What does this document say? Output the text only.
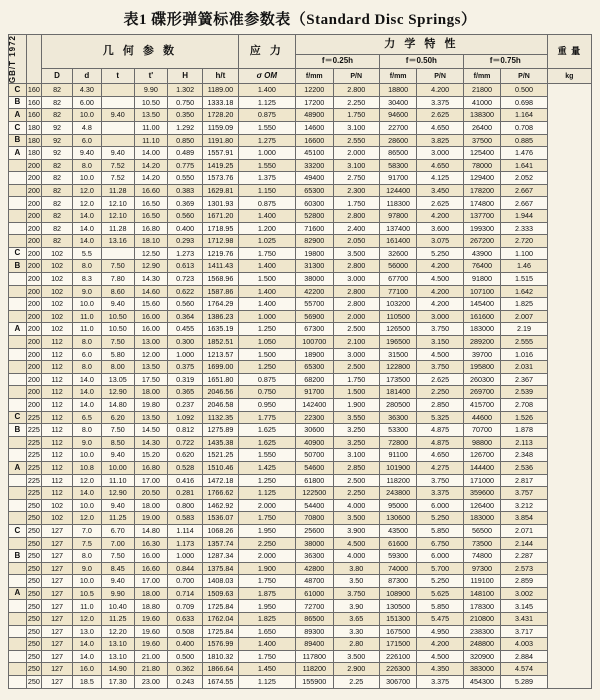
表1 碟形弹簧标准参数表（Standard Disc Springs）
GB/T 1972		几 何 参 数						应 力	力 学 特 性						重 量
									f＝0.25h		f＝0.50h		f＝0.75h		
		D	d	t	t'	H	h/t	σ OM	f/mm	P/N	f/mm	P/N	f/mm	P/N	kg
C	160	82	4.30		9.90	1.302	1189.00	1.400	12200	2.800	18800	4.200	21800	0.500	
B	160	82	6.00		10.50	0.750	1333.18	1.125	17200	2.250	30400	3.375	41000	0.698	
A	160	82	10.0	9.40	13.50	0.350	1728.20	0.875	48900	1.750	94600	2.625	138300	1.164	
C	180	92	4.8		11.00	1.292	1159.09	1.550	14600	3.100	22700	4.650	26400	0.708	
B	180	92	6.0		11.10	0.850	1191.80	1.275	16600	2.550	28600	3.825	37500	0.885	
A	180	92	9.40	9.40	14.00	0.489	1557.91	1.000	45100	2.000	86500	3.000	125400	1.476	
	200	82	8.0	7.52	14.20	0.775	1419.25	1.550	33200	3.100	58300	4.650	78000	1.641	
	200	82	10.0	7.52	14.20	0.550	1573.76	1.375	49400	2.750	91700	4.125	129400	2.052	
	200	82	12.0	11.28	16.60	0.383	1629.81	1.150	65300	2.300	124400	3.450	178200	2.667	
	200	82	12.0	12.10	16.50	0.369	1301.93	0.875	60300	1.750	118300	2.625	174800	2.667	
	200	82	14.0	12.10	16.50	0.560	1671.20	1.400	52800	2.800	97800	4.200	137700	1.944	
	200	82	14.0	11.28	16.80	0.400	1718.95	1.200	71600	2.400	137400	3.600	199300	2.333	
	200	82	14.0	13.16	18.10	0.293	1712.98	1.025	82900	2.050	161400	3.075	267200	2.720	
C	200	102	5.5		12.50	1.273	1219.76	1.750	19800	3.500	32600	5.250	43900	1.100	
B	200	102	8.0	7.50	12.90	0.613	1411.43	1.400	31300	2.800	56000	4.200	76400	1.46	
	200	102	8.3	7.80	14.30	0.723	1568.96	1.500	38000	3.000	67700	4.500	91800	1.515	
	200	102	9.0	8.60	14.60	0.622	1587.86	1.400	42200	2.800	77100	4.200	107100	1.642	
	200	102	10.0	9.40	15.60	0.560	1764.29	1.400	55700	2.800	103200	4.200	145400	1.825	
	200	102	11.0	10.50	16.00	0.364	1386.23	1.000	56900	2.000	110500	3.000	161600	2.007	
A	200	102	11.0	10.50	16.00	0.455	1635.19	1.250	67300	2.500	126500	3.750	183000	2.19	
	200	112	8.0	7.50	13.00	0.300	1852.51	1.050	100700	2.100	196500	3.150	289200	2.555	
	200	112	6.0	5.80	12.00	1.000	1213.57	1.500	18900	3.000	31500	4.500	39700	1.016	
	200	112	8.0	8.00	13.50	0.375	1699.00	1.250	65300	2.500	122800	3.750	195800	2.031	
	200	112	14.0	13.05	17.50	0.319	1651.80	0.875	68200	1.750	173500	2.625	260300	2.367	
	200	112	14.0	12.90	18.00	0.365	2046.56	0.750	91700	1.500	181400	2.250	269700	2.539	
	200	112	14.0	14.80	19.80	0.237	2046.58	0.950	142400	1.900	280500	2.850	415700	2.708	
C	225	112	6.5	6.20	13.50	1.092	1132.35	1.775	22300	3.550	36300	5.325	44600	1.526	
B	225	112	8.0	7.50	14.50	0.812	1275.89	1.625	30600	3.250	53300	4.875	70700	1.878	
	225	112	9.0	8.50	14.30	0.722	1435.38	1.625	40900	3.250	72800	4.875	98800	2.113	
	225	112	10.0	9.40	15.20	0.620	1521.25	1.550	50700	3.100	91100	4.650	126700	2.348	
A	225	112	10.8	10.00	16.80	0.528	1510.46	1.425	54600	2.850	101900	4.275	144400	2.536	
	225	112	12.0	11.10	17.00	0.416	1472.18	1.250	61800	2.500	118200	3.750	171000	2.817	
	225	112	14.0	12.90	20.50	0.281	1766.62	1.125	122500	2.250	243800	3.375	359600	3.757	
	250	102	10.0	9.40	18.00	0.800	1462.92	2.000	54400	4.000	95000	6.000	126400	3.212	
	250	102	12.0	11.25	19.00	0.583	1536.07	1.750	70800	3.500	130600	5.250	183000	3.854	
C	250	127	7.0	6.70	14.80	1.114	1068.26	1.950	25600	3.900	43500	5.850	56500	2.071	
	250	127	7.5	7.00	16.30	1.173	1357.74	2.250	38000	4.500	61600	6.750	73500	2.144	
B	250	127	8.0	7.50	16.00	1.000	1287.34	2.000	36300	4.000	59300	6.000	74800	2.287	
	250	127	9.0	8.45	16.60	0.844	1375.84	1.900	42800	3.80	74000	5.700	97300	2.573	
	250	127	10.0	9.40	17.00	0.700	1408.03	1.750	48700	3.50	87300	5.250	119100	2.859	
A	250	127	10.5	9.90	18.00	0.714	1509.63	1.875	61000	3.750	108900	5.625	148100	3.002	
	250	127	11.0	10.40	18.80	0.709	1725.84	1.950	72700	3.90	130500	5.850	178300	3.145	
	250	127	12.0	11.25	19.60	0.633	1762.04	1.825	86500	3.65	151300	5.475	210800	3.431	
	250	127	13.0	12.20	19.60	0.508	1725.84	1.650	89300	3.30	167500	4.950	238300	3.717	
	250	127	14.0	13.10	19.60	0.400	1576.99	1.400	89400	2.80	171500	4.200	248800	4.003	
	250	127	14.0	13.10	21.00	0.500	1810.32	1.750	117800	3.500	226100	4.500	320900	2.884	
	250	127	16.0	14.90	21.80	0.362	1866.64	1.450	118200	2.900	226300	4.350	383000	4.574	
	250	127	18.5	17.30	23.00	0.243	1674.55	1.125	155900	2.25	306700	3.375	454300	5.289	
